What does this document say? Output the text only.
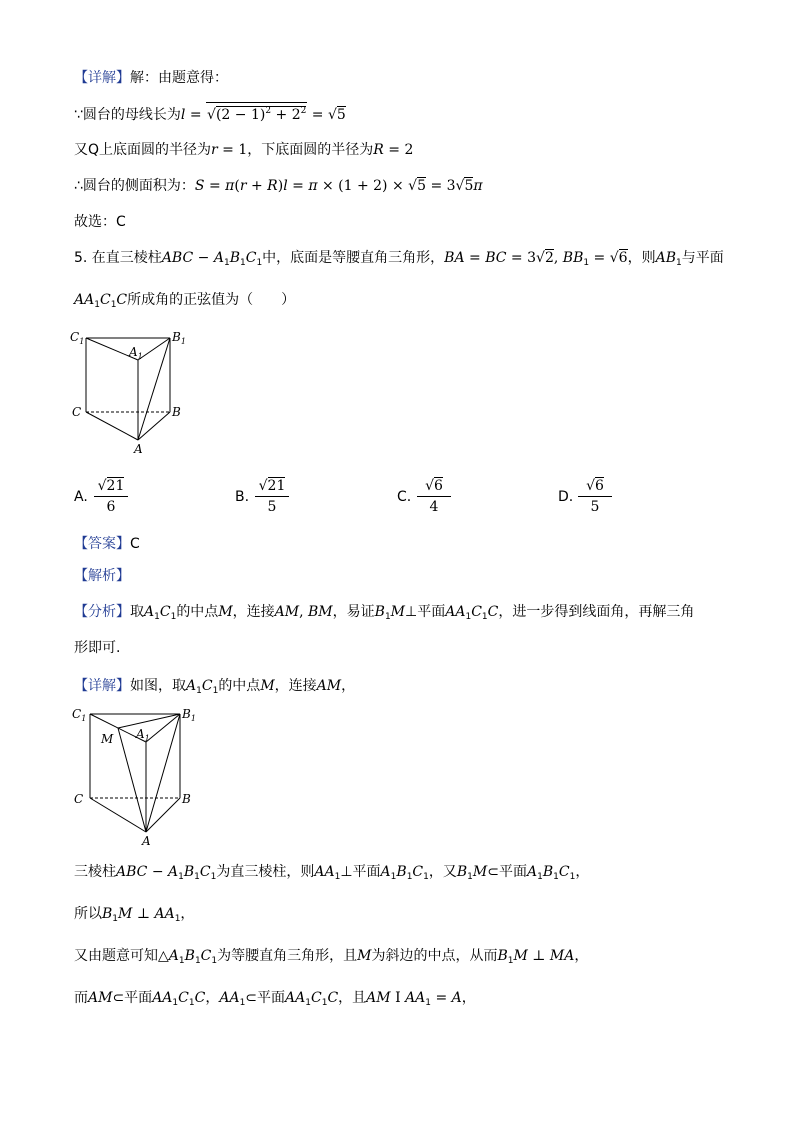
【详解】解：由题意得：
∵圆台的母线长为$l = √(2 - 1)^2 + 2^2 = √5$
又Q上底面圆的半径为r = 1，下底面圆的半径为R = 2
∴圆台的侧面积为：S = π(r + R)l = π × (1 + 2) × √5 = 3√5π
故选：C
5. 在直三棱柱ABC − $A_1B_1C_1$中，底面是等腰直角三角形，BA = BC = 3√2, $BB_1 = √6$，则$AB_1$与平面
$AA_1C_1C$所成角的正弦值为（　　）
$C_1$	$B_1$
$A_1$
C	B
A
A. $\frac{√21}{6}$	B. $\frac{√21}{5}$	C. $\frac{√6}{4}$	D. $\frac{√6}{5}$
【答案】C
【解析】
【分析】取$A_1C_1$的中点M，连接AM, BM，易证$B_1M\perp$平面$AA_1C_1C$，进一步得到线面角，再解三角
形即可.
【详解】如图，取$A_1C_1$的中点M，连接AM，
$C_1$	$B_1$
$A_1$
M
C	B
A
三棱柱ABC − $A_1B_1C_1$为直三棱柱，则$AA_1\perp$平面$A_1B_1C_1$，又$B_1M\subset$平面$A_1B_1C_1$，
所以$B_1M$ ⊥ $AA_1$，
又由题意可知$\triangle A_1B_1C_1$为等腰直角三角形，且M为斜边的中点，从而$B_1M$ ⊥ MA，
而AM⊂平面$AA_1C_1C$，$AA_1\subset$平面$AA_1C_1C$，且AM I $AA_1 = A$，
